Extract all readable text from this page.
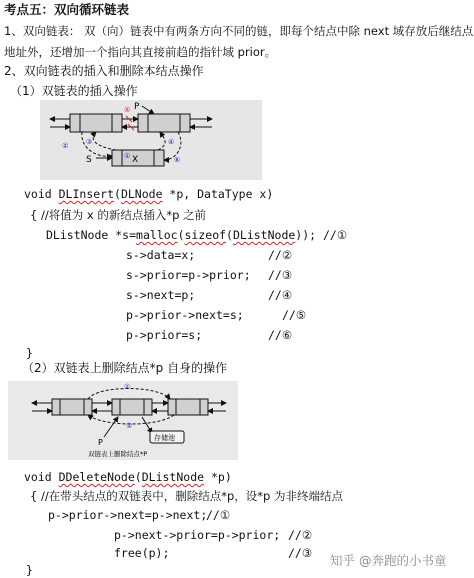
考点五：双向循环链表
1、双向链表： 双（向）链表中有两条方向不同的链，即每个结点中除 next 域存放后继结点
地址外，还增加一个指向其直接前趋的指针域 prior。
2、双向链表的插入和删除本结点操作
（1）双链表的插入操作
P
S	X
①
③	④
⑤
⑥
②
void DLInsert(DLNode *p, DataType x)
{ //将值为 x 的新结点插入*p 之前
DListNode *s=malloc(sizeof(DListNode)); //①
s->data=x;	//②
s->prior=p->prior; //③
s->next=p;	//④
p->prior->next=s;	//⑤
p->prior=s;	//⑥
}
（2）双链表上删除结点*p 自身的操作
①
②
P	存储池
双链表上删除结点*P
void DDeleteNode(DListNode *p)
{ //在带头结点的双链表中，删除结点*p，设*p 为非终端结点
p->prior->next=p->next;
//①
p->next->prior=p->prior; //②
free(p);	//③
}
知乎 @奔跑的小书童
